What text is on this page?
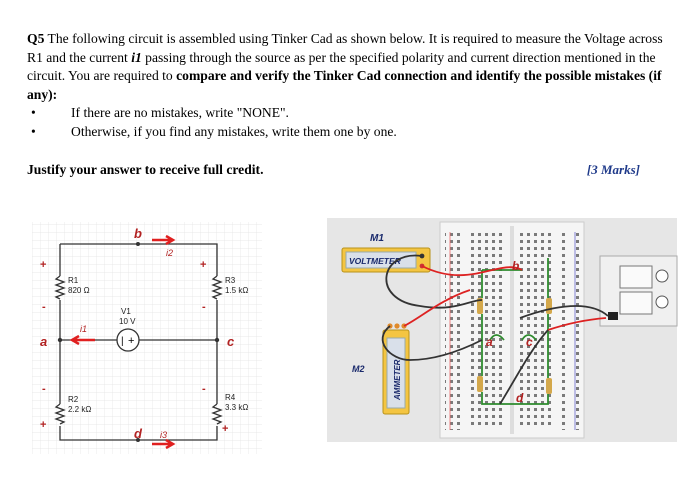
Q5 The following circuit is assembled using Tinker Cad as shown below. It is required to measure the Voltage across R1 and the current i1 passing through the source as per the specified polarity and current direction mentioned in the circuit. You are required to compare and verify the Tinker Cad connection and identify the possible mistakes (if any):

•	If there are no mistakes, write "NONE".

•	Otherwise, if you find any mistakes, write them one by one.

Justify your answer to receive full credit.	[3 Marks]
| +
b
a	c
d
i2
i1
i3
R1
820 Ω
R2
2.2 kΩ
R3
1.5 kΩ
R4
3.3 kΩ
V1
10 V
+
-
-
+
+
-
-
+
M1
VOLTMETER
M2	AMMETER
b
a	c
d
